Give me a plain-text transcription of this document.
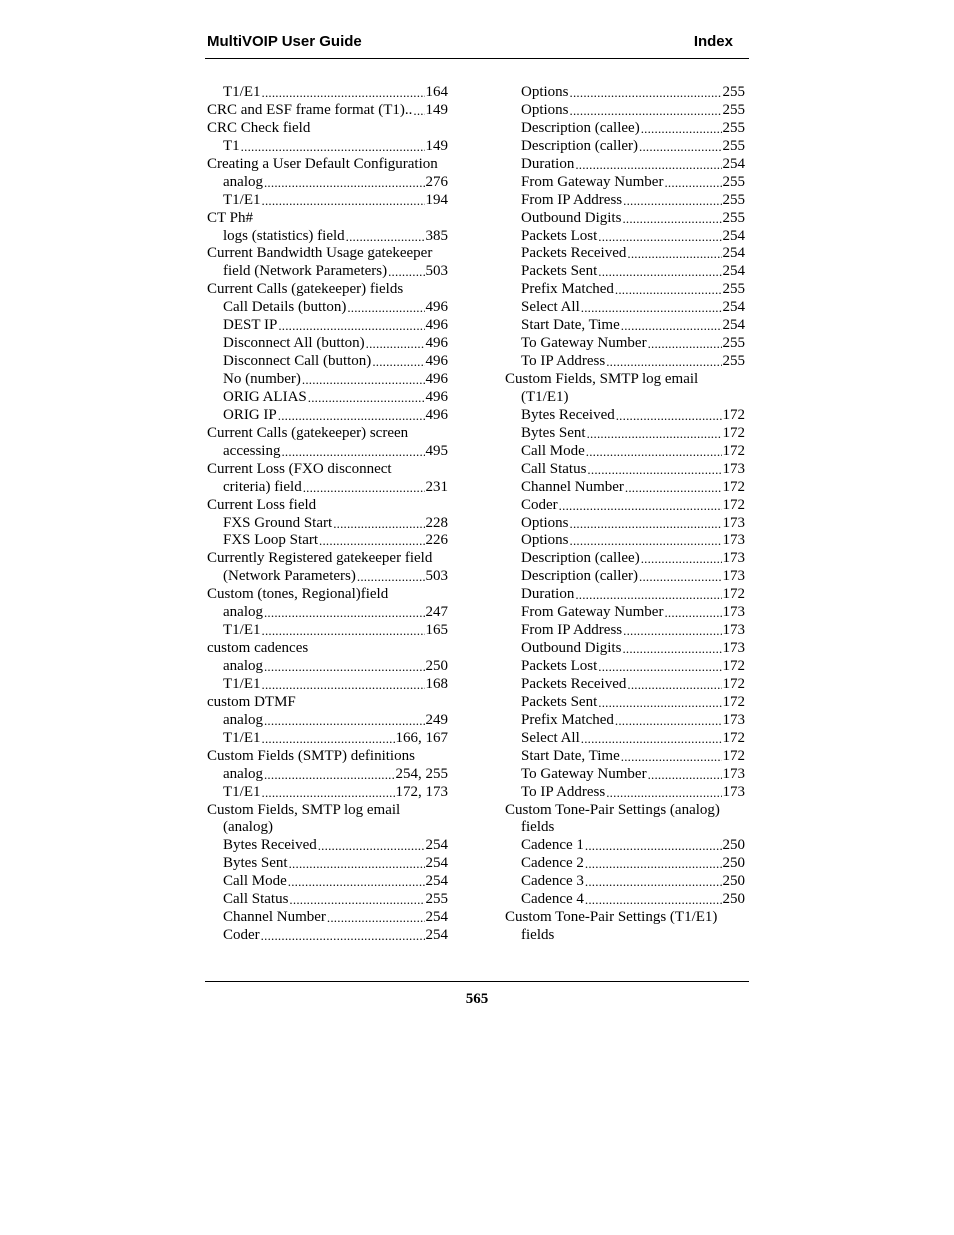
MultiVOIP User Guide	Index
T1/E1 .....	164
CRC and ESF frame format (T1).. ..... 149
CRC Check field
T1 .....	149
Creating a User Default Configuration
analog .....	276
T1/E1 .....	194
CT Ph#
logs (statistics) field .....	385
Current Bandwidth Usage gatekeeper
field (Network Parameters) .....	503
Current Calls (gatekeeper) fields
Call Details (button) .....	496
DEST IP .....	496
Disconnect All (button) .....	496
Disconnect Call (button) .....	496
No (number) .....	496
ORIG ALIAS .....	496
ORIG IP .....	496
Current Calls (gatekeeper) screen
accessing .....	495
Current Loss (FXO disconnect
criteria) field .....	231
Current Loss field
FXS Ground Start .....	228
FXS Loop Start .....	226
Currently Registered gatekeeper field
(Network Parameters) .....	503
Custom (tones, Regional)field
analog .....	247
T1/E1 .....	165
custom cadences
analog .....	250
T1/E1 .....	168
custom DTMF
analog .....	249
T1/E1 .....	166, 167
Custom Fields (SMTP) definitions
analog .....	254, 255
T1/E1 .....	172, 173
Custom Fields, SMTP log email
(analog)
Bytes Received .....	254
Bytes Sent .....	254
Call Mode .....	254
Call Status .....	255
Channel Number .....	254
Coder .....	254
Options .....	255
Options .....	255
Description (callee) .....	255
Description (caller) .....	255
Duration .....	254
From Gateway Number .....	255
From IP Address .....	255
Outbound Digits .....	255
Packets Lost .....	254
Packets Received .....	254
Packets Sent .....	254
Prefix Matched .....	255
Select All .....	254
Start Date, Time .....	254
To Gateway Number .....	255
To IP Address .....	255
Custom Fields, SMTP log email
(T1/E1)
Bytes Received .....	172
Bytes Sent .....	172
Call Mode .....	172
Call Status .....	173
Channel Number .....	172
Coder .....	172
Options .....	173
Options .....	173
Description (callee) .....	173
Description (caller) .....	173
Duration .....	172
From Gateway Number .....	173
From IP Address .....	173
Outbound Digits .....	173
Packets Lost .....	172
Packets Received .....	172
Packets Sent .....	172
Prefix Matched .....	173
Select All .....	172
Start Date, Time .....	172
To Gateway Number .....	173
To IP Address .....	173
Custom Tone-Pair Settings (analog)
fields
Cadence 1 .....	250
Cadence 2 .....	250
Cadence 3 .....	250
Cadence 4 .....	250
Custom Tone-Pair Settings (T1/E1)
fields
565
